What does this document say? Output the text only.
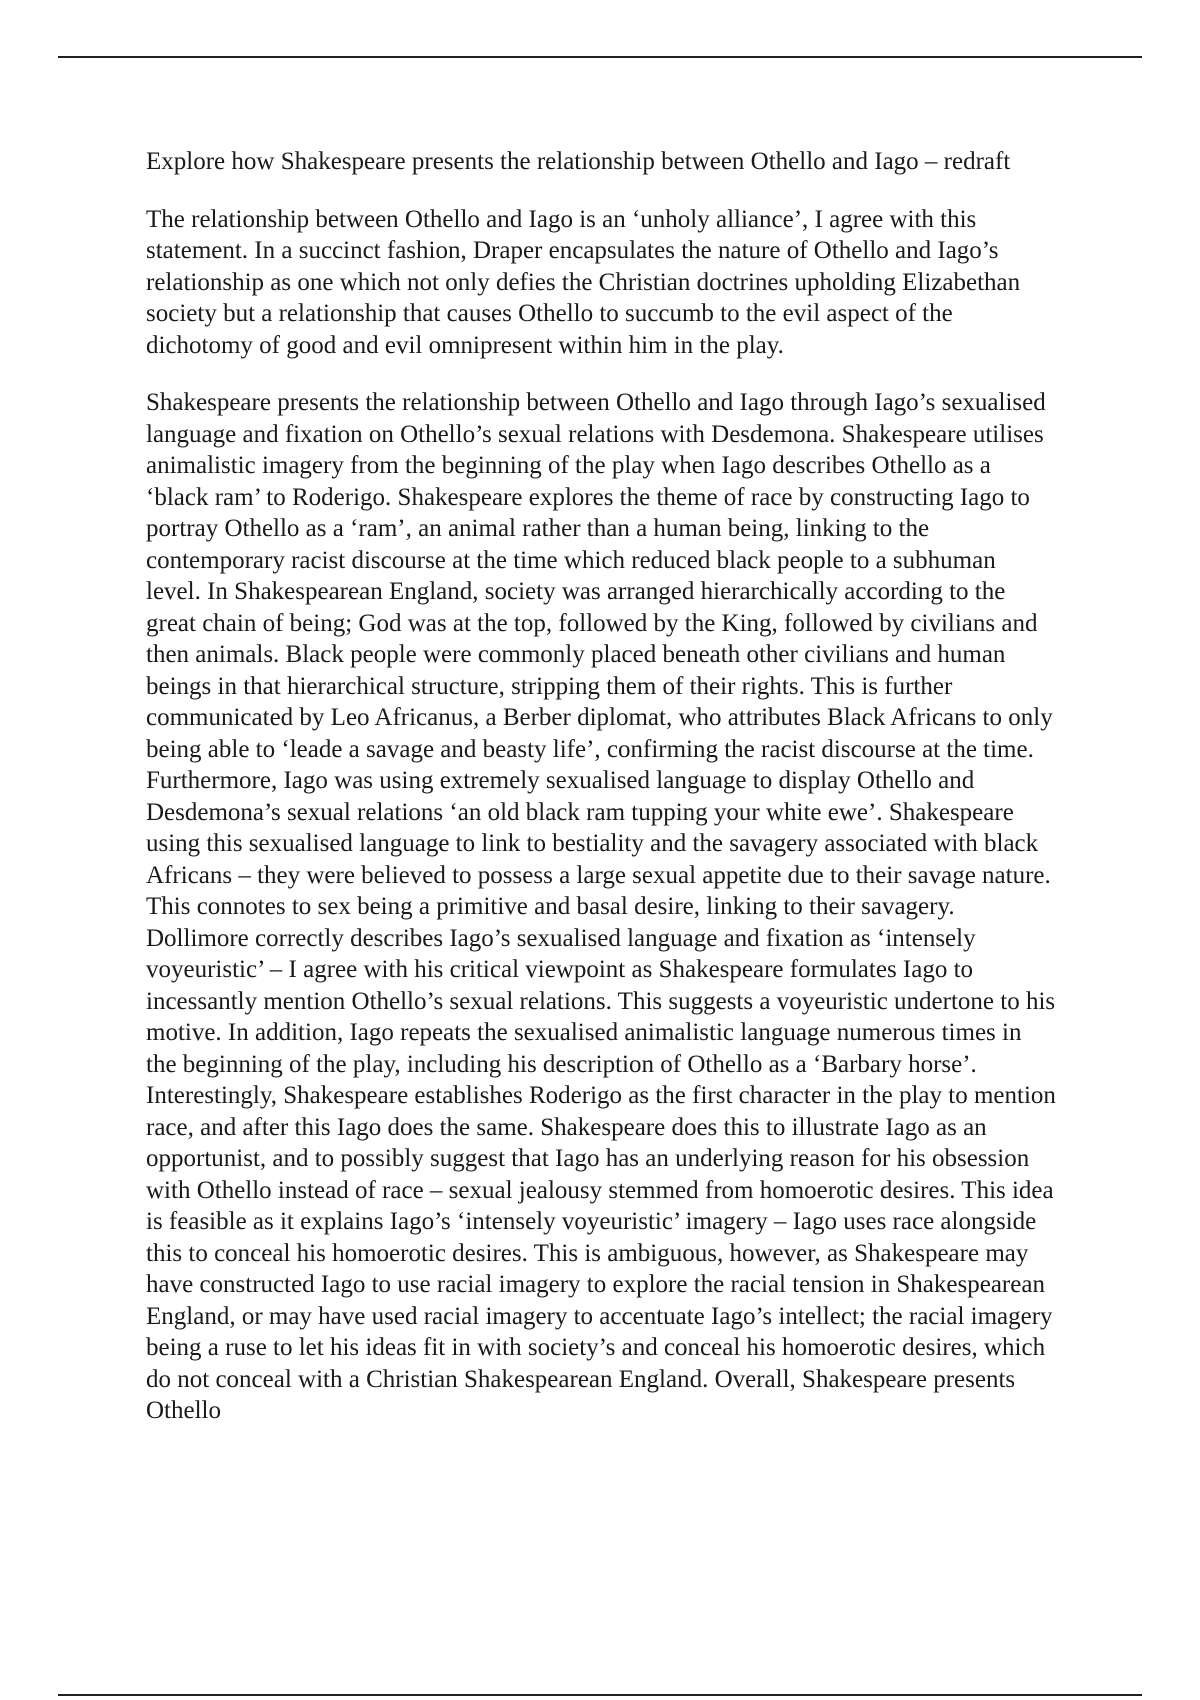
Explore how Shakespeare presents the relationship between Othello and Iago – redraft

The relationship between Othello and Iago is an ‘unholy alliance’, I agree with this statement. In a succinct fashion, Draper encapsulates the nature of Othello and Iago’s relationship as one which not only defies the Christian doctrines upholding Elizabethan society but a relationship that causes Othello to succumb to the evil aspect of the dichotomy of good and evil omnipresent within him in the play.

Shakespeare presents the relationship between Othello and Iago through Iago’s sexualised language and fixation on Othello’s sexual relations with Desdemona. Shakespeare utilises animalistic imagery from the beginning of the play when Iago describes Othello as a ‘black ram’ to Roderigo. Shakespeare explores the theme of race by constructing Iago to portray Othello as a ‘ram’, an animal rather than a human being, linking to the contemporary racist discourse at the time which reduced black people to a subhuman level. In Shakespearean England, society was arranged hierarchically according to the great chain of being; God was at the top, followed by the King, followed by civilians and then animals. Black people were commonly placed beneath other civilians and human beings in that hierarchical structure, stripping them of their rights. This is further communicated by Leo Africanus, a Berber diplomat, who attributes Black Africans to only being able to ‘leade a savage and beasty life’, confirming the racist discourse at the time. Furthermore, Iago was using extremely sexualised language to display Othello and Desdemona’s sexual relations ‘an old black ram tupping your white ewe’. Shakespeare using this sexualised language to link to bestiality and the savagery associated with black Africans – they were believed to possess a large sexual appetite due to their savage nature. This connotes to sex being a primitive and basal desire, linking to their savagery. Dollimore correctly describes Iago’s sexualised language and fixation as ‘intensely voyeuristic’ – I agree with his critical viewpoint as Shakespeare formulates Iago to incessantly mention Othello’s sexual relations. This suggests a voyeuristic undertone to his motive. In addition, Iago repeats the sexualised animalistic language numerous times in the beginning of the play, including his description of Othello as a ‘Barbary horse’. Interestingly, Shakespeare establishes Roderigo as the first character in the play to mention race, and after this Iago does the same. Shakespeare does this to illustrate Iago as an opportunist, and to possibly suggest that Iago has an underlying reason for his obsession with Othello instead of race – sexual jealousy stemmed from homoerotic desires. This idea is feasible as it explains Iago’s ‘intensely voyeuristic’ imagery – Iago uses race alongside this to conceal his homoerotic desires. This is ambiguous, however, as Shakespeare may have constructed Iago to use racial imagery to explore the racial tension in Shakespearean England, or may have used racial imagery to accentuate Iago’s intellect; the racial imagery being a ruse to let his ideas fit in with society’s and conceal his homoerotic desires, which do not conceal with a Christian Shakespearean England. Overall, Shakespeare presents Othello
